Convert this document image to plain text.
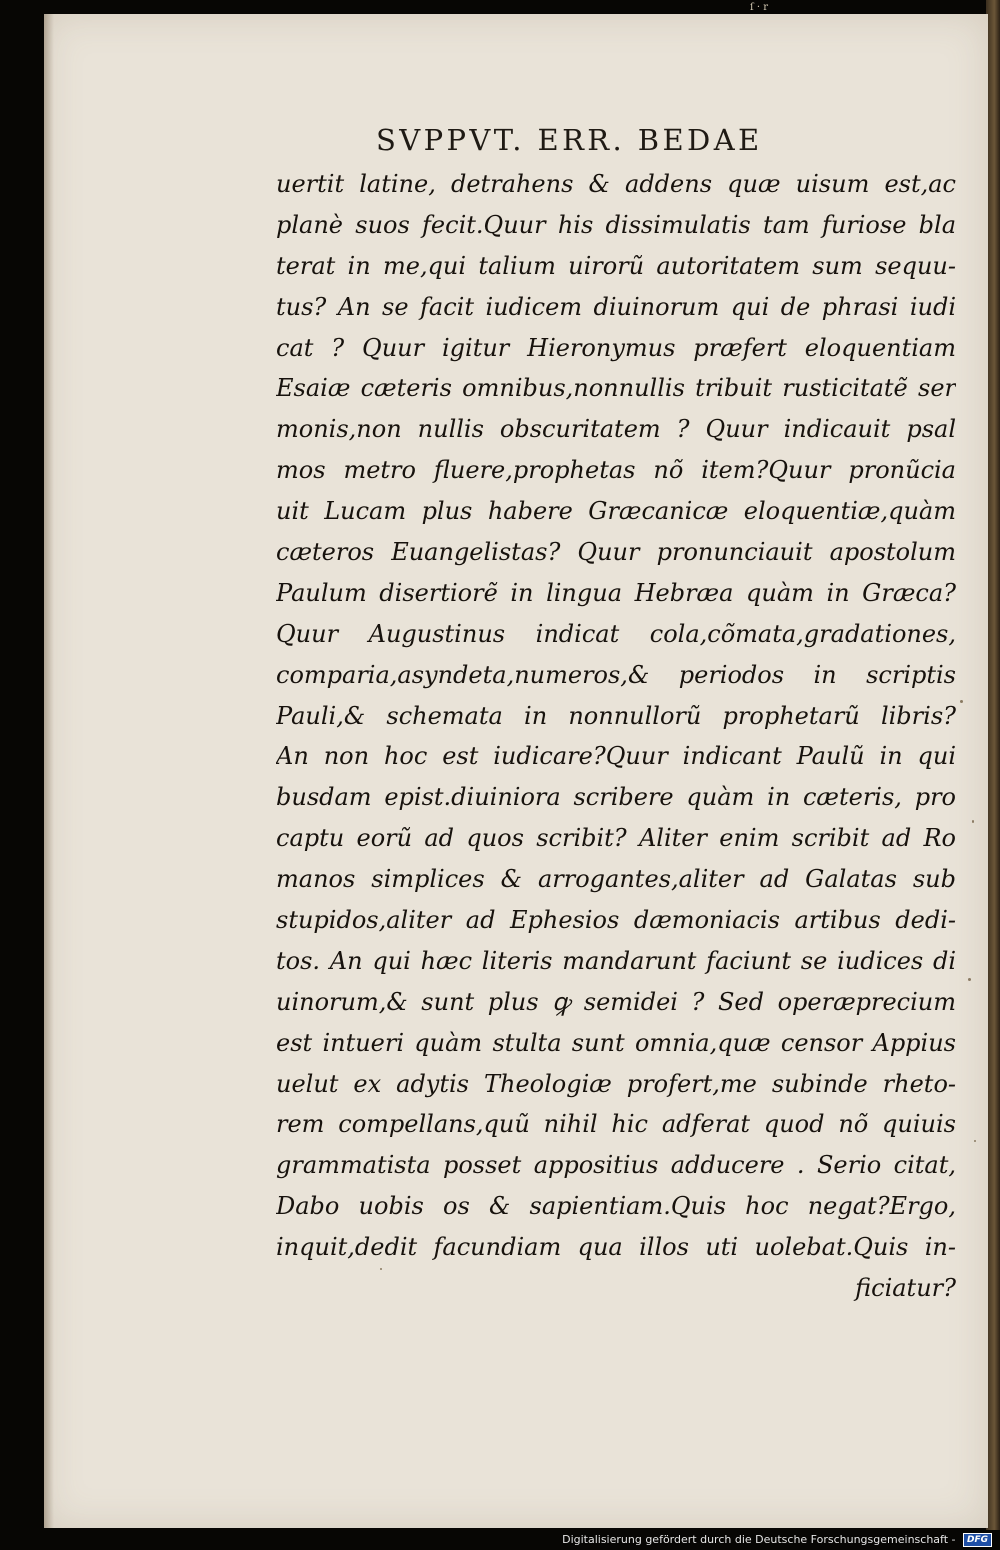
ſ · r
SVPPVT. ERR. BEDAE
uertit latine, detrahens & addens quæ uisum est,ac
planè suos fecit.Quur his dissimulatis tam furiose bla
terat in me,qui talium uirorũ autoritatem sum sequu-
tus? An se facit iudicem diuinorum qui de phrasi iudi
cat ? Quur igitur Hieronymus præfert eloquentiam
Esaiæ cæteris omnibus,nonnullis tribuit rusticitatẽ ser
monis,non nullis obscuritatem ? Quur indicauit psal
mos metro fluere,prophetas nõ item?Quur pronũcia
uit Lucam plus habere Græcanicæ eloquentiæ,quàm
cæteros Euangelistas? Quur pronunciauit apostolum
Paulum disertiorẽ in lingua Hebræa quàm in Græca?
Quur Augustinus indicat cola,cõmata,gradationes,
comparia,asyndeta,numeros,& periodos in scriptis
Pauli,& schemata in nonnullorũ prophetarũ libris?
An non hoc est iudicare?Quur indicant Paulũ in qui
busdam epist.diuiniora scribere quàm in cæteris, pro
captu eorũ ad quos scribit? Aliter enim scribit ad Ro
manos simplices & arrogantes,aliter ad Galatas sub
stupidos,aliter ad Ephesios dæmoniacis artibus dedi-
tos. An qui hæc literis mandarunt faciunt se iudices di
uinorum,& sunt plus ꝙ semidei ? Sed operæprecium
est intueri quàm stulta sunt omnia,quæ censor Appius
uelut ex adytis Theologiæ profert,me subinde rheto-
rem compellans,quũ nihil hic adferat quod nõ quiuis
grammatista posset appositius adducere . Serio citat,
Dabo uobis os & sapientiam.Quis hoc negat?Ergo,
inquit,dedit facundiam qua illos uti uolebat.Quis in-
ficiatur?
Digitalisierung gefördert durch die Deutsche Forschungsgemeinschaft - DFG
